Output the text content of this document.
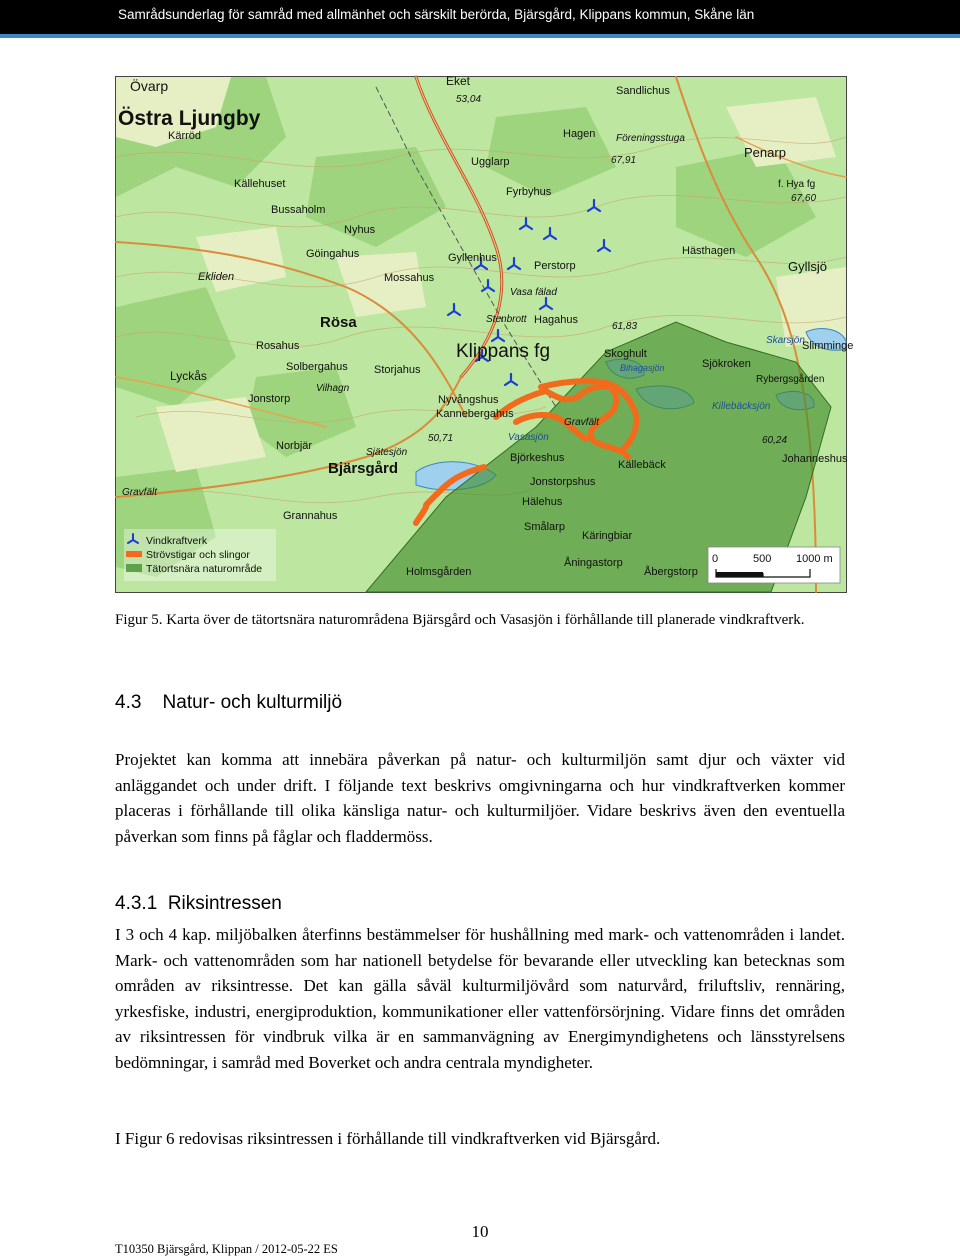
Samrådsunderlag för samråd med allmänhet och särskilt berörda, Bjärsgård, Klippans kommun, Skåne län
Övarp
Östra Ljungby
Kärröd
Källehuset
Bussaholm
Nyhus
Göingahus
Ekliden	Mossahus
Rösa
Rosahus
Solbergahus
Lyckås
Vilhagn
Jonstorp
Storjahus
Nyvångshus
Kannebergahus
Sjätesjön
Norbjär
Bjärsgård
Gravfält
Grannahus
Eket
Hagen
Sandlichus
Föreningsstuga
Penarp
Ugglarp
Fyrbyhus
Gyllenhus
Perstorp
Hästhagen
Gyllsjö
Vasa fälad
Stenbrott Hagahus
Klippans fg	Skoghult
Sjökroken
Bihagasjön
Skarsjön
Slimminge
Rybergsgården
Vasasjön
Gravfält
Killebäcksjön
Björkeshus
Källebäck	Johanneshus
Jonstorpshus
Hälehus
Smålarp
Käringbiar
Åningastorp
Holmsgården	Åbergstorp
f. Hya fg
53,04
67,91
67,60
61,83
60,24
50,71
Vindkraftverk
Strövstigar och slingor
Tätortsnära naturområde
0	500 1000 m

Figur 5. Karta över de tätortsnära naturområdena Bjärsgård och Vasasjön i förhållande till planerade vindkraftverk.

4.3 Natur- och kulturmiljö

Projektet kan komma att innebära påverkan på natur- och kulturmiljön samt djur och växter vid anläggandet och under drift. I följande text beskrivs omgivningarna och hur vindkraftverken kommer placeras i förhållande till olika känsliga natur- och kulturmiljöer. Vidare beskrivs även den eventuella påverkan som finns på fåglar och fladdermöss.

4.3.1 Riksintressen

I 3 och 4 kap. miljöbalken återfinns bestämmelser för hushållning med mark- och vattenområden i landet. Mark- och vattenområden som har nationell betydelse för bevarande eller utveckling kan betecknas som områden av riksintresse. Det kan gälla såväl kulturmiljövård som naturvård, friluftsliv, rennäring, yrkesfiske, industri, energiproduktion, kommunikationer eller vattenförsörjning. Vidare finns det områden av riksintressen för vindbruk vilka är en sammanvägning av Energimyndighetens och länsstyrelsens bedömningar, i samråd med Boverket och andra centrala myndigheter.

I Figur 6 redovisas riksintressen i förhållande till vindkraftverken vid Bjärsgård.

10
T10350 Bjärsgård, Klippan / 2012-05-22 ES
